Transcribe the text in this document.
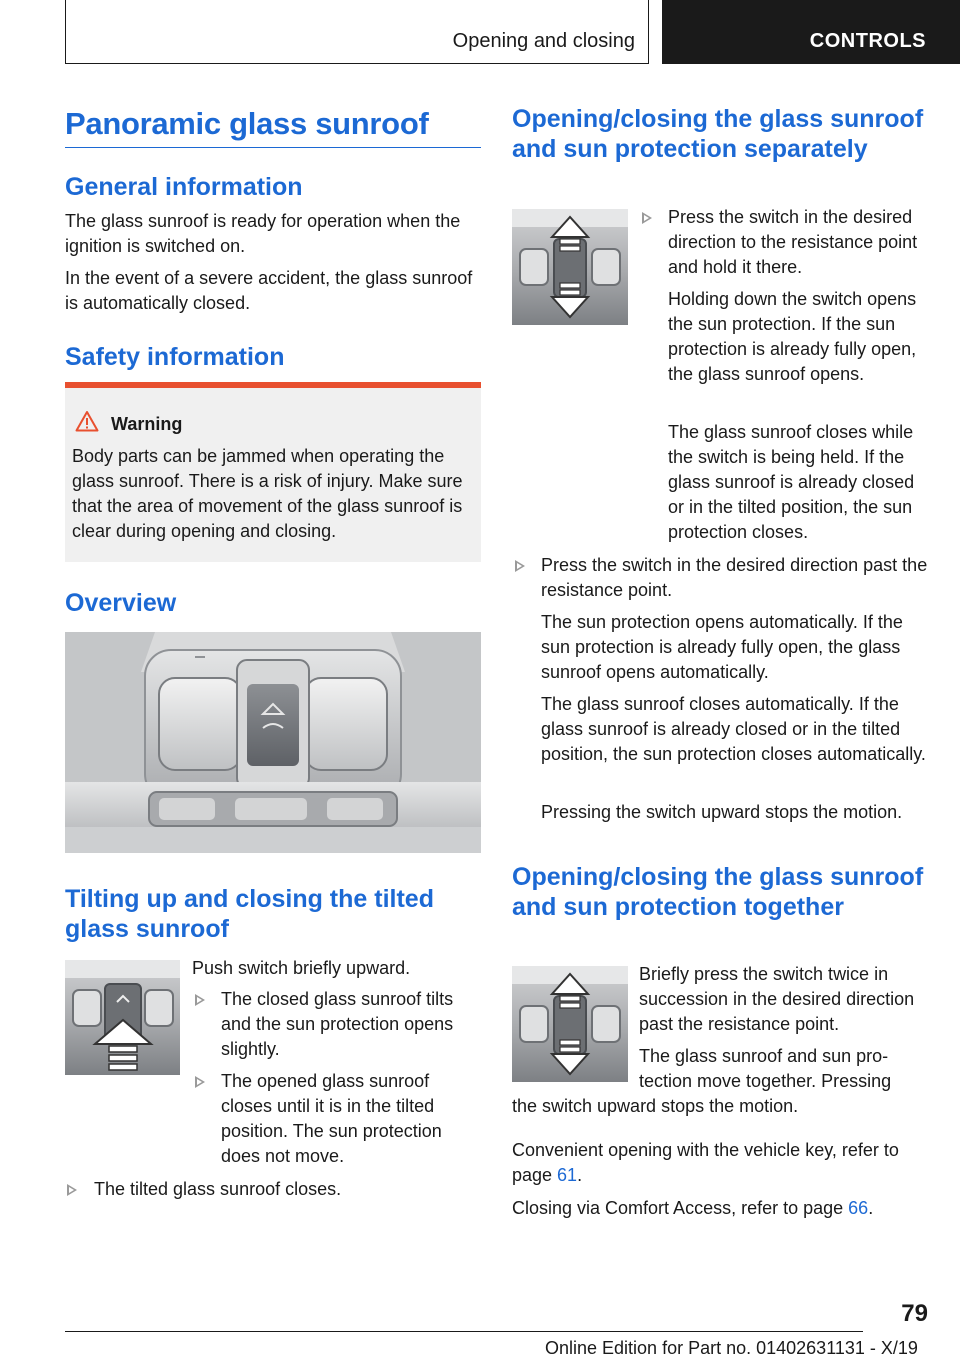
Opening and closing	CONTROLS
Panoramic glass sunroof
General information
The glass sunroof is ready for operation when the ignition is switched on.
In the event of a severe accident, the glass sunroof is automatically closed.
Safety information
Warning
Body parts can be jammed when operating the glass sunroof. There is a risk of injury. Make sure that the area of movement of the glass sunroof is clear during opening and closing.
Overview
Tilting up and closing the tilted glass sunroof
Push switch briefly upward.
The closed glass sunroof tilts and the sun protection opens slightly.
The opened glass sunroof closes until it is in the tilted position. The sun protection does not move.
The tilted glass sunroof closes.
Opening/closing the glass sunroof and sun protection separately
Press the switch in the desired direction to the resistance point and hold it there.
Holding down the switch opens the sun protection. If the sun protection is already fully open, the glass sunroof opens.
The glass sunroof closes while the switch is being held. If the glass sunroof is already closed or in the tilted position, the sun protection closes.
Press the switch in the desired direction past the resistance point.
The sun protection opens automatically. If the sun protection is already fully open, the glass sunroof opens automatically.
The glass sunroof closes automatically. If the glass sunroof is already closed or in the tilted position, the sun protection closes automatically.
Pressing the switch upward stops the motion.
Opening/closing the glass sunroof and sun protection together
Briefly press the switch twice in succession in the desired direction past the resistance point.
The glass sunroof and sun protection move together. Pressing
the switch upward stops the motion.
Convenient opening with the vehicle key, refer to page 61.
Closing via Comfort Access, refer to page 66.
79
Online Edition for Part no. 01402631131 - X/19
